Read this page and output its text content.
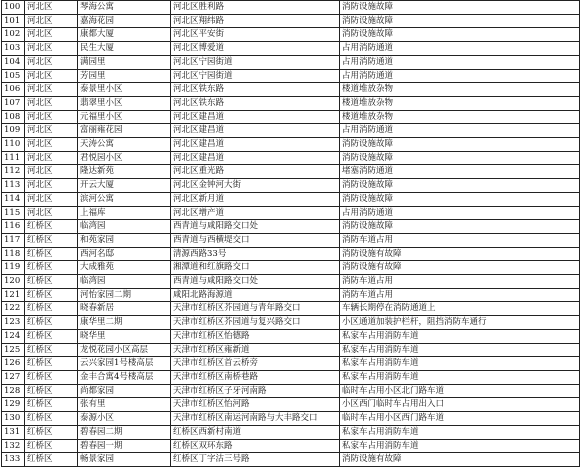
100	河北区	琴海公寓	河北区胜利路	消防设施故障
101	河北区	嘉海花园	河北区翔纬路	消防设施故障
102	河北区	康都大厦	河北区平安街	消防设施故障
103	河北区	民生大厦	河北区博爱道	占用消防通道
104	河北区	满园里	河北区宁园街道	占用消防通道
105	河北区	芳园里	河北区宁园街道	占用消防通道
106	河北区	泰景里小区	河北区铁东路	楼道堆放杂物
107	河北区	翡翠里小区	河北区铁东路	楼道堆放杂物
108	河北区	元福里小区	河北区建昌道	楼道堆放杂物
109	河北区	富丽雍花园	河北区建昌道	占用消防通道
110	河北区	天涛公寓	河北区建昌道	消防设施故障
111	河北区	君悦园小区	河北区建昌道	消防设施故障
112	河北区	隆达新苑	河北区重光路	堵塞消防通道
113	河北区	开云大厦	河北区金钟河大街	消防设施故障
114	河北区	滨河公寓	河北区新月道	消防设施故障
115	河北区	上福库	河北区增产道	占用消防通道
116	红桥区	临湾园	西青道与咸阳路交口处	消防设施故障
117	红桥区	和苑家园	西青道与西横堤交口	消防车道占用
118	红桥区	西河名邸	清源西路33号	消防设施有故障
119	红桥区	大成雅苑	湘潭道和红旗路交口	消防设施有故障
120	红桥区	临湾园	西青道与咸阳路交口处	消防车道占用
121	红桥区	河怡家园二期	咸阳北路海源道	消防车道占用
122	红桥区	晓春新居	天津市红桥区芥园道与青年路交口	车辆长期停在消防通道上
123	红桥区	康华里二期	天津市红桥区芥园道与复兴路交口	小区通道加装护栏杆，阻挡消防车通行
124	红桥区	晓华里	天津市红桥区怡德路	私家车占用消防车道
125	红桥区	龙悦花园小区高层	天津市红桥区雍新道	私家车占用消防车道
126	红桥区	云兴家园1号楼高层	天津市红桥区首云桥旁	私家车占用消防车道
127	红桥区	金丰合寓4号楼高层	天津市红桥区南桥巷路	私家车占用消防车道
128	红桥区	尚都家园	天津市红桥区子牙河南路	临时车占用小区北门路车道
129	红桥区	张有里	天津市红桥区怡河路	小区西门临时车占用出入口
130	红桥区	泰源小区	天津市红桥区南运河南路与大丰路交口	临时车占用小区西门路车道
131	红桥区	碧春园二期	红桥区西新村南道	私家车占用消防车道
132	红桥区	碧春园一期	红桥区双环东路	私家车占用消防车道
133	红桥区	畅景家园	红桥区丁字沽三号路	消防设施有故障
